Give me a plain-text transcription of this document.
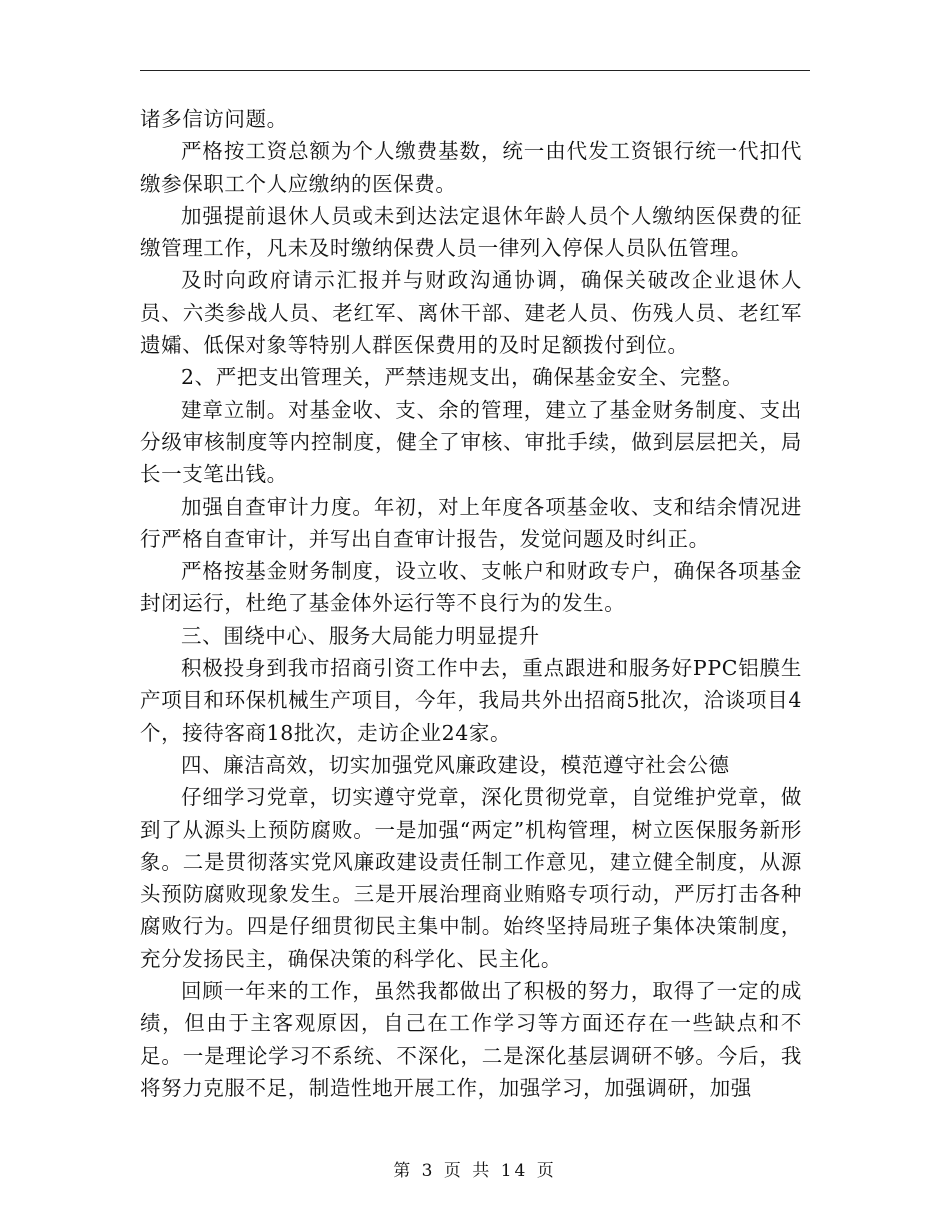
诸多信访问题。

严格按工资总额为个人缴费基数，统一由代发工资银行统一代扣代缴参保职工个人应缴纳的医保费。

加强提前退休人员或未到达法定退休年龄人员个人缴纳医保费的征缴管理工作，凡未及时缴纳保费人员一律列入停保人员队伍管理。

及时向政府请示汇报并与财政沟通协调，确保关破改企业退休人员、六类参战人员、老红军、离休干部、建老人员、伤残人员、老红军遗孀、低保对象等特别人群医保费用的及时足额拨付到位。

2、严把支出管理关，严禁违规支出，确保基金安全、完整。

建章立制。对基金收、支、余的管理，建立了基金财务制度、支出分级审核制度等内控制度，健全了审核、审批手续，做到层层把关，局长一支笔出钱。

加强自查审计力度。年初，对上年度各项基金收、支和结余情况进行严格自查审计，并写出自查审计报告，发觉问题及时纠正。

严格按基金财务制度，设立收、支帐户和财政专户，确保各项基金封闭运行，杜绝了基金体外运行等不良行为的发生。

三、围绕中心、服务大局能力明显提升

积极投身到我市招商引资工作中去，重点跟进和服务好PPC铝膜生产项目和环保机械生产项目，今年，我局共外出招商5批次，洽谈项目4个，接待客商18批次，走访企业24家。

四、廉洁高效，切实加强党风廉政建设，模范遵守社会公德

仔细学习党章，切实遵守党章，深化贯彻党章，自觉维护党章，做到了从源头上预防腐败。一是加强“两定”机构管理，树立医保服务新形象。二是贯彻落实党风廉政建设责任制工作意见，建立健全制度，从源头预防腐败现象发生。三是开展治理商业贿赂专项行动，严厉打击各种腐败行为。四是仔细贯彻民主集中制。始终坚持局班子集体决策制度，充分发扬民主，确保决策的科学化、民主化。

回顾一年来的工作，虽然我都做出了积极的努力，取得了一定的成绩，但由于主客观原因，自己在工作学习等方面还存在一些缺点和不足。一是理论学习不系统、不深化，二是深化基层调研不够。今后，我将努力克服不足，制造性地开展工作，加强学习，加强调研，加强

第 3 页 共 14 页
